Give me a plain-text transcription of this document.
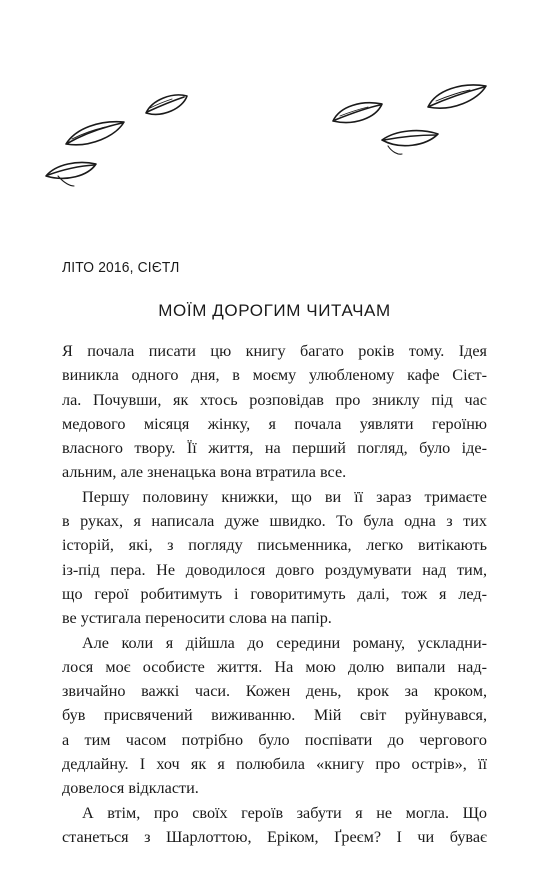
ЛІТО 2016, СІЄТЛ
МОЇМ ДОРОГИМ ЧИТАЧАМ
Я почала писати цю книгу багато років тому. Ідея
виникла одного дня, в моєму улюбленому кафе Сієт-
ла. Почувши, як хтось розповідав про зниклу під час
медового місяця жінку, я почала уявляти героїню
власного твору. Її життя, на перший погляд, було іде-
альним, але зненацька вона втратила все.
Першу половину книжки, що ви її зараз тримаєте
в руках, я написала дуже швидко. То була одна з тих
історій, які, з погляду письменника, легко витікають
із-під пера. Не доводилося довго роздумувати над тим,
що герої робитимуть і говоритимуть далі, тож я лед-
ве устигала переносити слова на папір.
Але коли я дійшла до середини роману, ускладни-
лося моє особисте життя. На мою долю випали над-
звичайно важкі часи. Кожен день, крок за кроком,
був присвячений виживанню. Мій світ руйнувався,
а тим часом потрібно було поспівати до чергового
дедлайну. І хоч як я полюбила «книгу про острів», її
довелося відкласти.
А втім, про своїх героїв забути я не могла. Що
станеться з Шарлоттою, Еріком, Ґреєм? І чи буває
